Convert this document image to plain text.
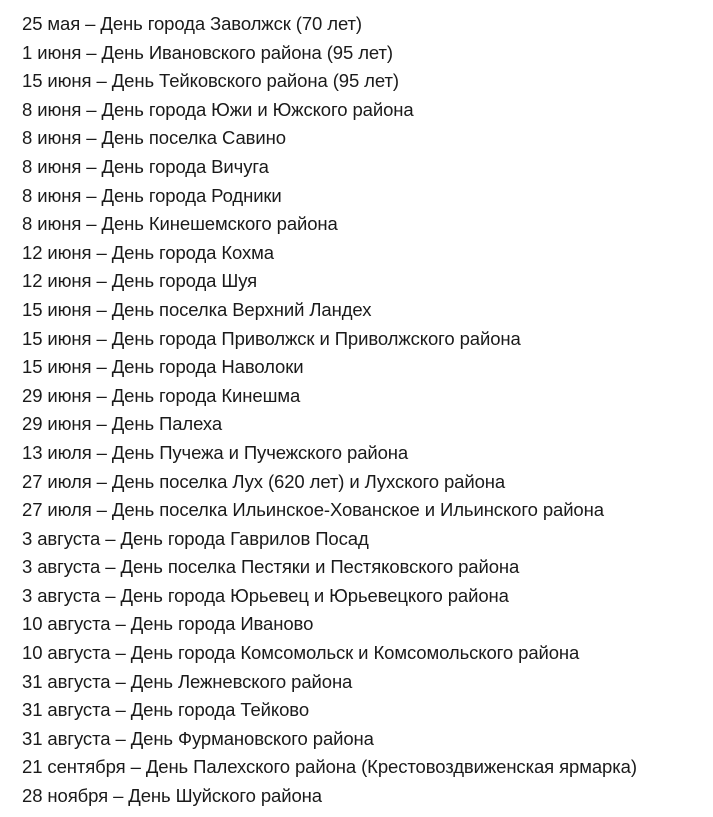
25 мая – День города Заволжск (70 лет)
1 июня – День Ивановского района (95 лет)
15 июня – День Тейковского района (95 лет)
8 июня – День города Южи и Южского района
8 июня – День поселка Савино
8 июня – День города Вичуга
8 июня – День города Родники
8 июня – День Кинешемского района
12 июня – День города Кохма
12 июня – День города Шуя
15 июня – День поселка Верхний Ландех
15 июня – День города Приволжск и Приволжского района
15 июня – День города Наволоки
29 июня – День города Кинешма
29 июня – День Палеха
13 июля – День Пучежа и Пучежского района
27 июля – День поселка Лух (620 лет) и Лухского района
27 июля – День поселка Ильинское-Хованское и Ильинского района
3 августа – День города Гаврилов Посад
3 августа – День поселка Пестяки и Пестяковского района
3 августа – День города Юрьевец и Юрьевецкого района
10 августа – День города Иваново
10 августа – День города Комсомольск и Комсомольского района
31 августа – День Лежневского района
31 августа – День города Тейково
31 августа – День Фурмановского района
21 сентября – День Палехского района (Крестовоздвиженская ярмарка)
28 ноября – День Шуйского района
